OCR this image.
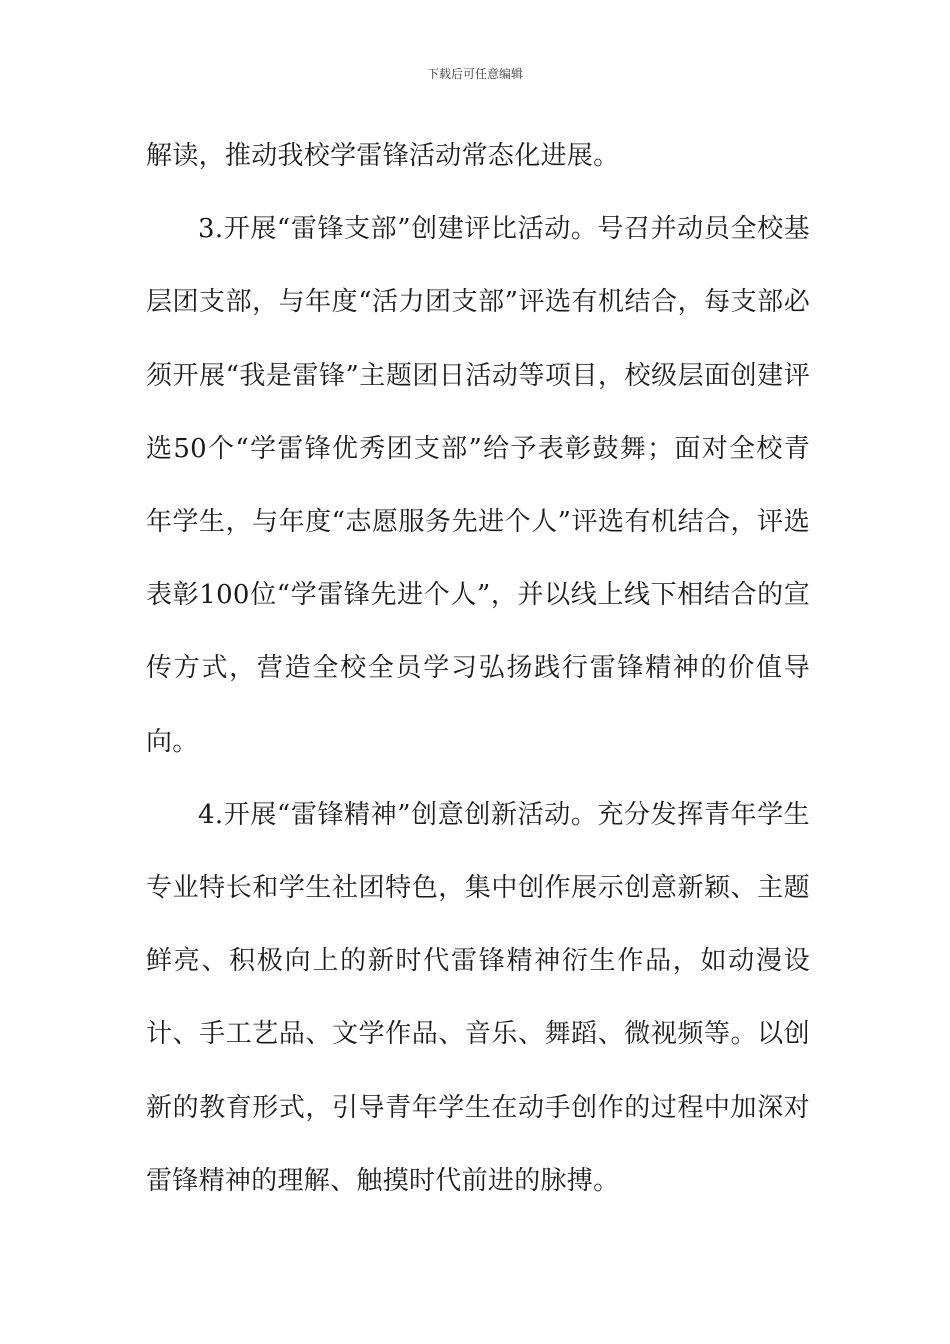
下载后可任意编辑

解读，推动我校学雷锋活动常态化进展。

3.开展“雷锋支部”创建评比活动。号召并动员全校基层团支部，与年度“活力团支部”评选有机结合，每支部必须开展“我是雷锋”主题团日活动等项目，校级层面创建评选50个“学雷锋优秀团支部”给予表彰鼓舞；面对全校青年学生，与年度“志愿服务先进个人”评选有机结合，评选表彰100位“学雷锋先进个人”，并以线上线下相结合的宣传方式，营造全校全员学习弘扬践行雷锋精神的价值导向。

4.开展“雷锋精神”创意创新活动。充分发挥青年学生专业特长和学生社团特色，集中创作展示创意新颖、主题鲜亮、积极向上的新时代雷锋精神衍生作品，如动漫设计、手工艺品、文学作品、音乐、舞蹈、微视频等。以创新的教育形式，引导青年学生在动手创作的过程中加深对雷锋精神的理解、触摸时代前进的脉搏。
